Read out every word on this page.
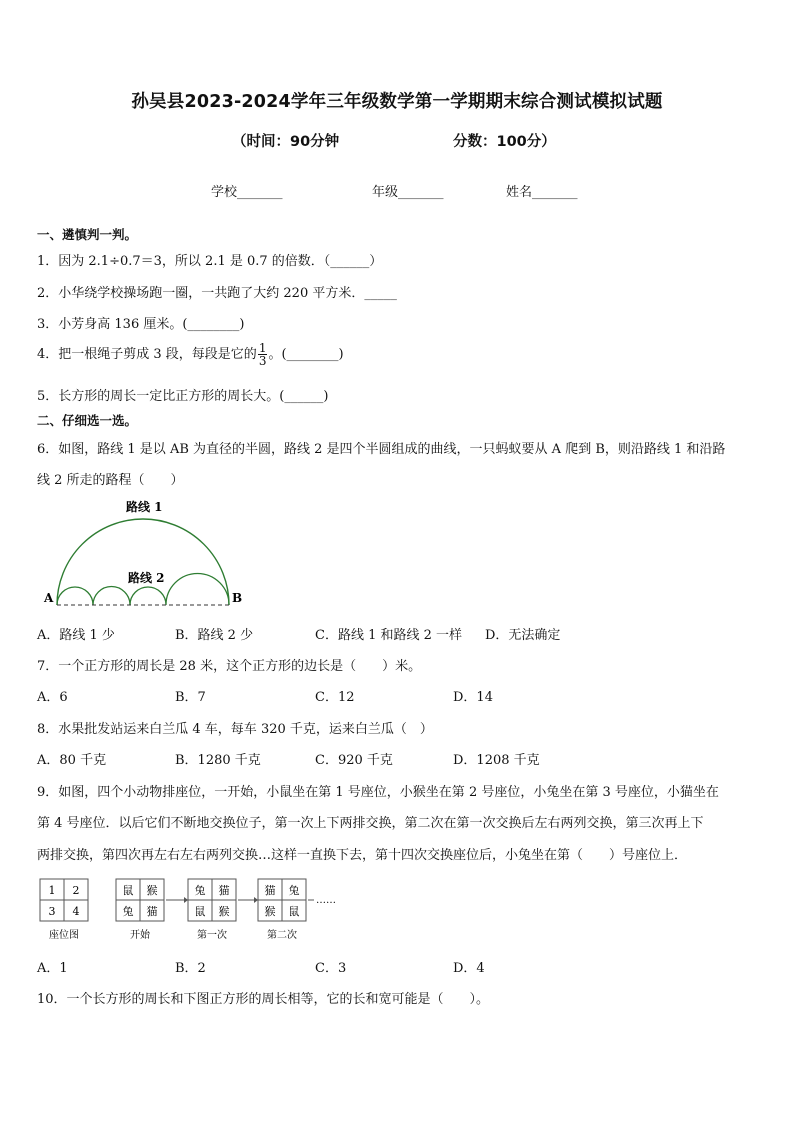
孙吴县2023-2024学年三年级数学第一学期期末综合测试模拟试题
（时间：90分钟	分数：100分）
学校_______	年级_______	姓名_______
一、遴慎判一判。
1．因为 2.1÷0.7＝3，所以 2.1 是 0.7 的倍数．（______）
2．小华绕学校操场跑一圈，一共跑了大约 220 平方米．_____
3．小芳身高 136 厘米。(________)
4．把一根绳子剪成 3 段，每段是它的 $\frac{1}{3}$ 。(________)
5．长方形的周长一定比正方形的周长大。(______)
二、仔细选一选。
6．如图，路线 1 是以 AB 为直径的半圆，路线 2 是四个半圆组成的曲线，一只蚂蚁要从 A 爬到 B，则沿路线 1 和沿路
线 2 所走的路程（　　）
路线 1
路线 2
A	B
A．路线 1 少	B．路线 2 少	C．路线 1 和路线 2 一样 D．无法确定
7．一个正方形的周长是 28 米，这个正方形的边长是（　　）米。
A．6	B．7	C．12	D．14
8．水果批发站运来白兰瓜 4 车，每车 320 千克，运来白兰瓜（　）
A．80 千克	B．1280 千克	C．920 千克	D．1208 千克
9．如图，四个小动物排座位，一开始，小鼠坐在第 1 号座位，小猴坐在第 2 号座位，小兔坐在第 3 号座位，小猫坐在
第 4 号座位．以后它们不断地交换位子，第一次上下两排交换，第二次在第一次交换后左右两列交换，第三次再上下
两排交换，第四次再左右左右两列交换…这样一直换下去，第十四次交换座位后，小兔坐在第（　　）号座位上．
1 2
3 4
座位图
鼠 猴
兔 猫
开始
兔 猫
鼠 猴
第一次
猫 兔
猴 鼠
第二次
……
A．1	B．2	C．3	D．4
10．一个长方形的周长和下图正方形的周长相等，它的长和宽可能是（　　）。
